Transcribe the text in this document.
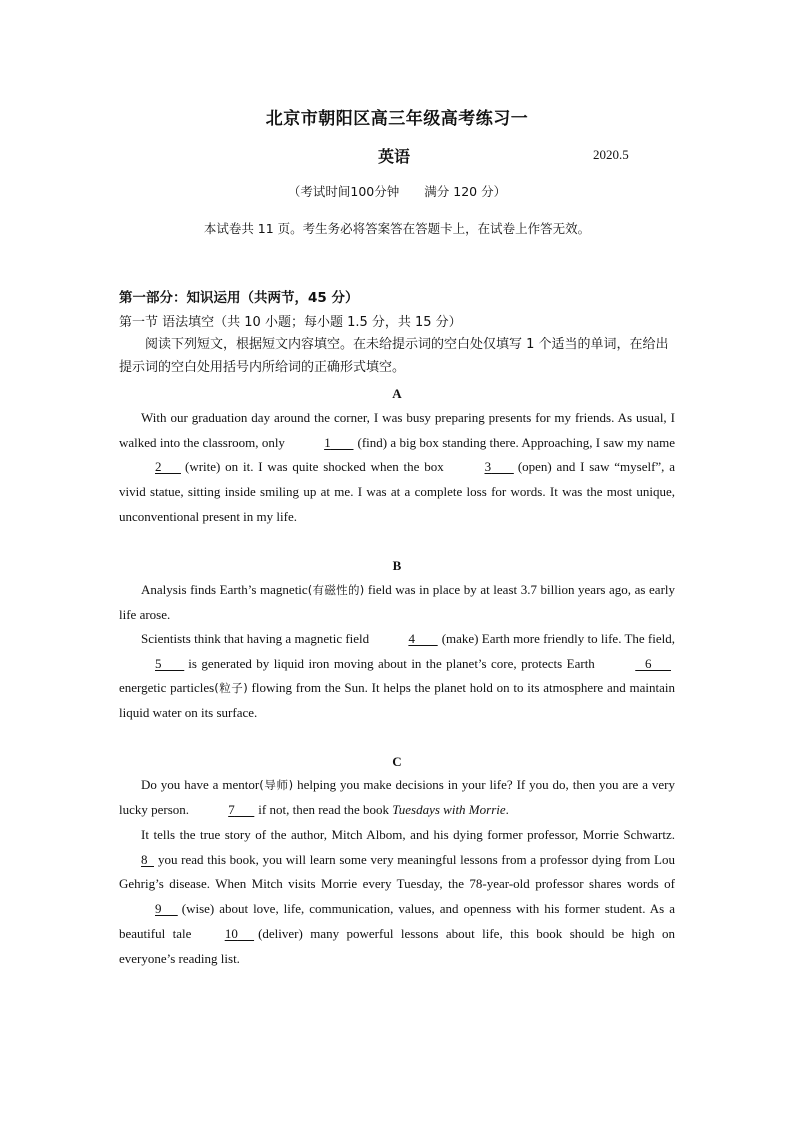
北京市朝阳区高三年级高考练习一
英语	2020.5
（考试时间100分钟　　满分 120 分）
本试卷共 11 页。考生务必将答案答在答题卡上，在试卷上作答无效。
第一部分：知识运用（共两节，45 分）
第一节 语法填空（共 10 小题；每小题 1.5 分，共 15 分）
阅读下列短文，根据短文内容填空。在未给提示词的空白处仅填写 1 个适当的单词，在给出提示词的空白处用括号内所给词的正确形式填空。
A
With our graduation day around the corner, I was busy preparing presents for my friends. As usual, I walked into the classroom, only	1 (find) a big box standing there. Approaching, I saw my name 2 (write) on it. I was quite shocked when the box	3 (open) and I saw “myself”, a vivid statue, sitting inside smiling up at me. I was at a complete loss for words. It was the most unique, unconventional present in my life.
B
Analysis finds Earth’s magnetic(有磁性的) field was in place by at least 3.7 billion years ago, as early life arose.
Scientists think that having a magnetic field	4 (make) Earth more friendly to life. The field, 5 is generated by liquid iron moving about in the planet’s core, protects Earth	6      energetic particles(粒子) flowing from the Sun. It helps the planet hold on to its atmosphere and maintain liquid water on its surface.
C
Do you have a mentor(导师) helping you make decisions in your life? If you do, then you are a very lucky person.	7 if not, then read the book Tuesdays with Morrie.
It tells the true story of the author, Mitch Albom, and his dying former professor, Morrie Schwartz. 8 you read this book, you will learn some very meaningful lessons from a professor dying from Lou Gehrig’s disease. When Mitch visits Morrie every Tuesday, the 78-year-old professor shares words of 9 (wise) about love, life, communication, values, and openness with his former student. As a beautiful tale	10 (deliver) many powerful lessons about life, this book should be high on everyone’s reading list.
